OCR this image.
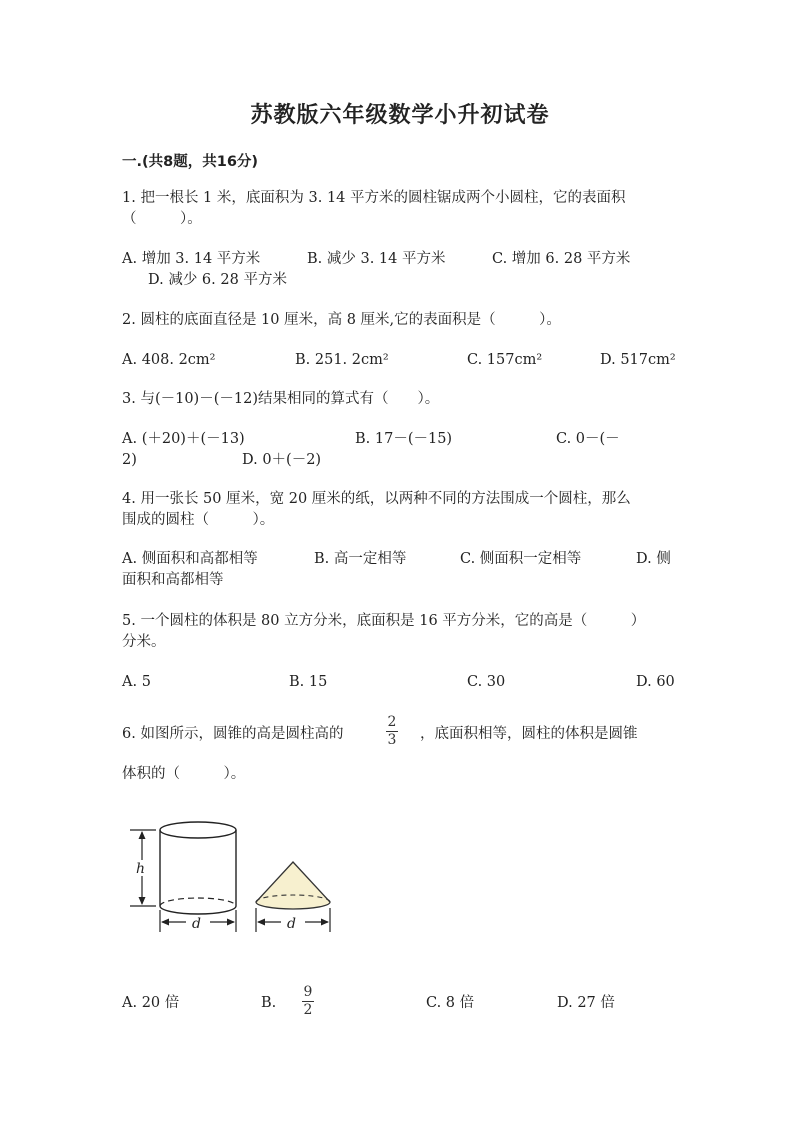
苏教版六年级数学小升初试卷
一.(共8题，共16分)
1. 把一根长 1 米，底面积为 3. 14 平方米的圆柱锯成两个小圆柱，它的表面积
（　　　）。
A. 增加 3. 14 平方米	B. 减少 3. 14 平方米	C. 增加 6. 28 平方米
D. 减少 6. 28 平方米
2. 圆柱的底面直径是 10 厘米，高 8 厘米,它的表面积是（　　　）。
A. 408. 2cm²	B. 251. 2cm²	C. 157cm²	D. 517cm²
3. 与(－10)－(－12)结果相同的算式有（　　）。
A. (＋20)＋(－13)	B. 17－(－15)	C. 0－(－
2)	D. 0＋(－2)
4. 用一张长 50 厘米，宽 20 厘米的纸，以两种不同的方法围成一个圆柱，那么
围成的圆柱（　　　）。
A. 侧面积和高都相等	B. 高一定相等	C. 侧面积一定相等	D. 侧
面积和高都相等
5. 一个圆柱的体积是 80 立方分米，底面积是 16 平方分米，它的高是（　　　）
分米。
A. 5	B. 15	C. 30	D. 60
6. 如图所示，圆锥的高是圆柱高的
2
3 ，底面积相等，圆柱的体积是圆锥
体积的（　　　）。
h
d	d
A. 20 倍	B.
9
2	C. 8 倍	D. 27 倍
